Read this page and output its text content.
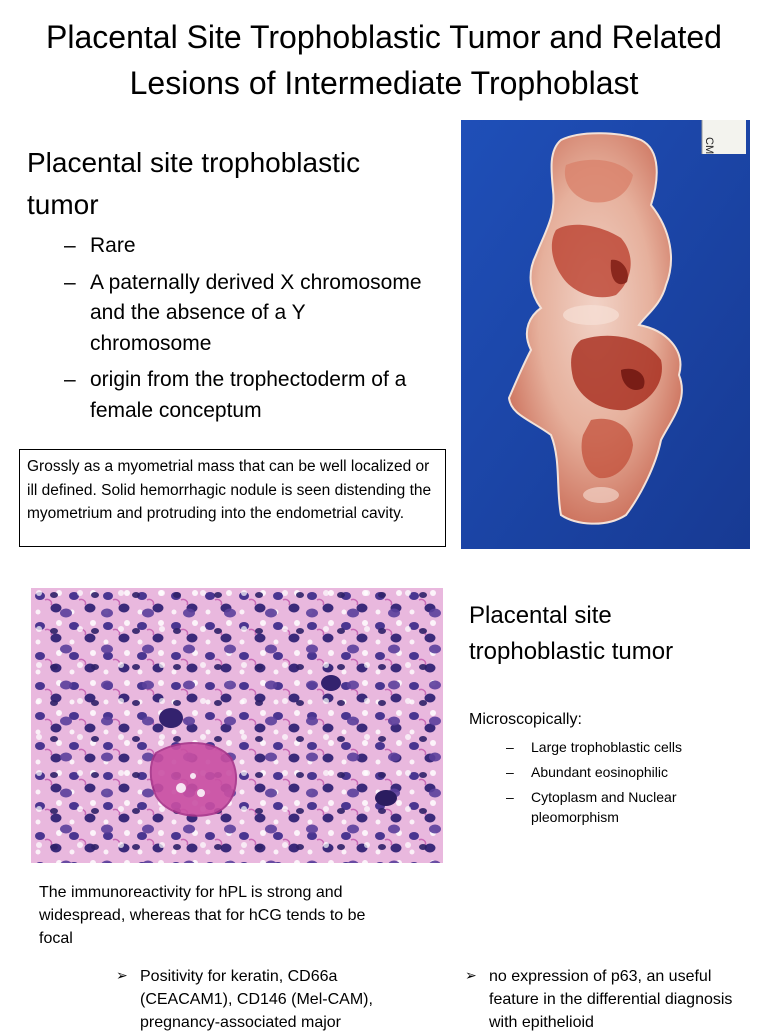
Placental Site Trophoblastic Tumor and Related
Lesions of Intermediate Trophoblast
Placental site trophoblastic
tumor
– Rare
– A paternally derived X chromosome and the absence of a Y chromosome
– origin from the trophectoderm of a female conceptum
Grossly as a myometrial mass that can be well localized or ill defined. Solid hemorrhagic nodule is seen distending the myometrium and protruding into the endometrial cavity.
CM
Placental site
trophoblastic tumor
Microscopically:
– Large trophoblastic cells
– Abundant eosinophilic
– Cytoplasm and Nuclear pleomorphism
The immunoreactivity for hPL is strong and widespread, whereas that for hCG tends to be focal
➢ Positivity for keratin, CD66a (CEACAM1), CD146 (Mel-CAM), pregnancy-associated major
➢ no expression of p63, an useful feature in the differential diagnosis with epithelioid
